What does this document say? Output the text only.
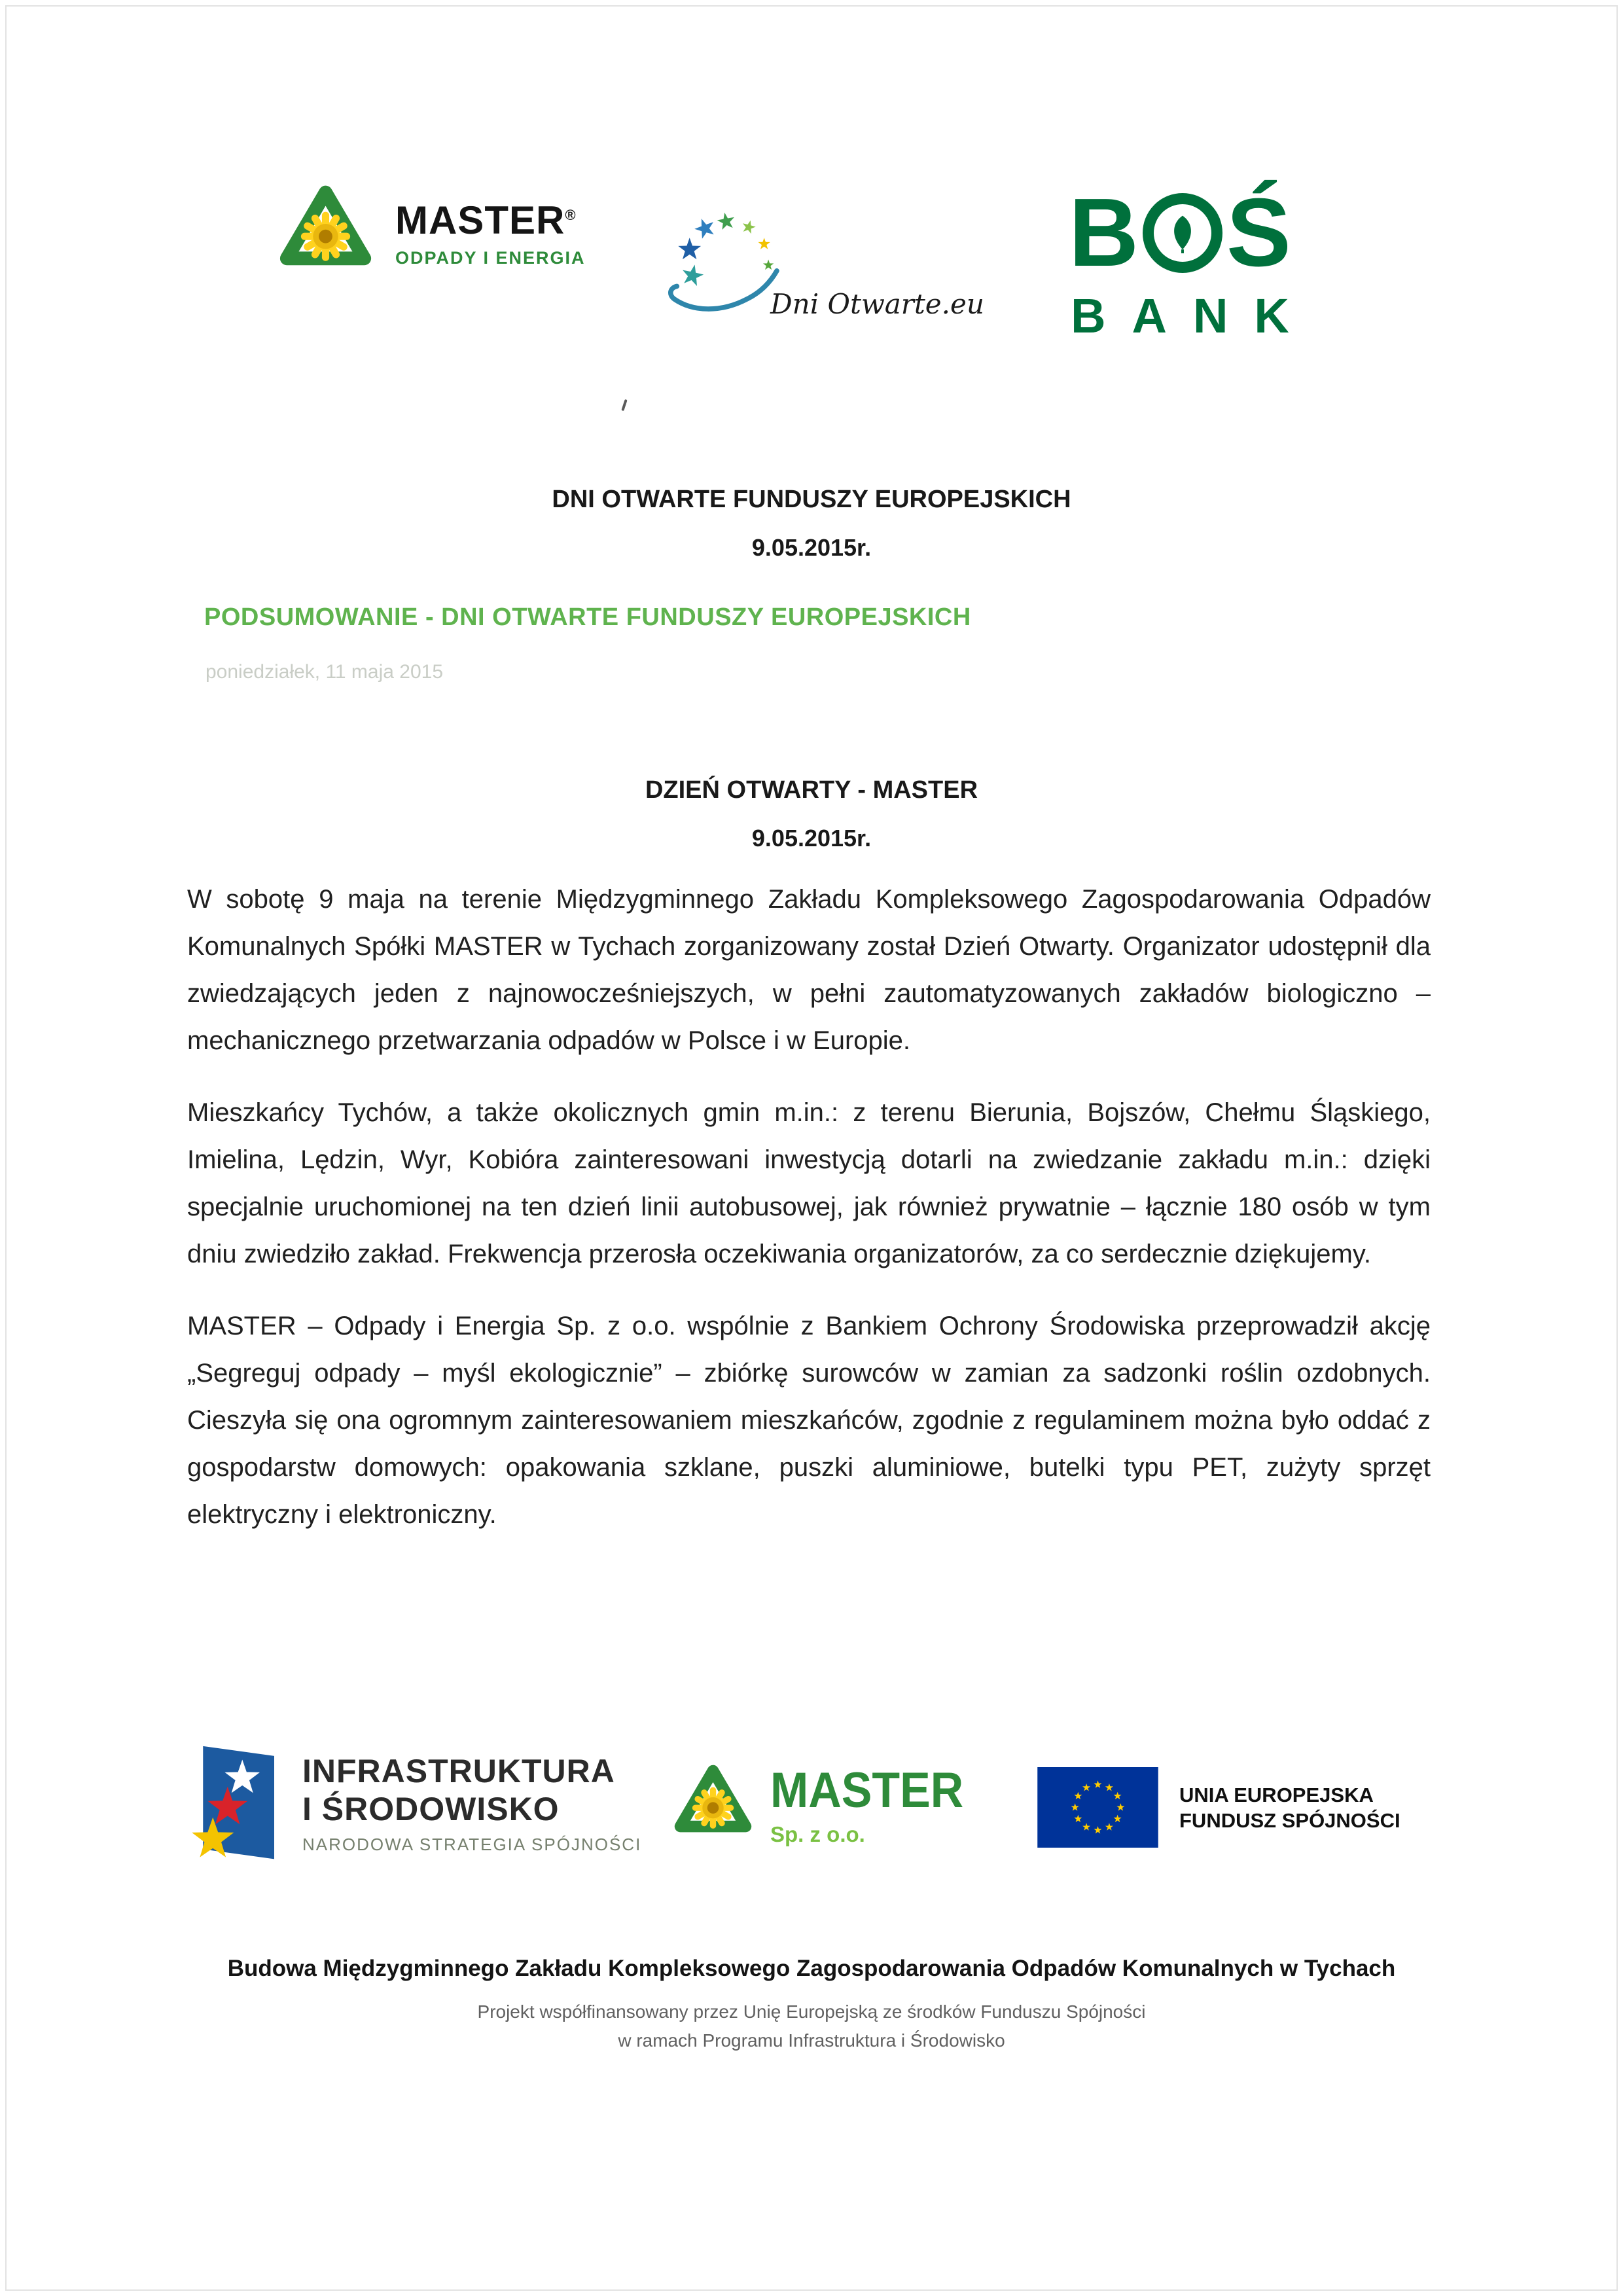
MASTER®
ODPADY I ENERGIA
Dni Otwarte.eu
B Ś
BANK
DNI OTWARTE FUNDUSZY EUROPEJSKICH
9.05.2015r.
PODSUMOWANIE - DNI OTWARTE FUNDUSZY EUROPEJSKICH
poniedziałek, 11 maja 2015
DZIEŃ OTWARTY - MASTER
9.05.2015r.

W sobotę 9 maja na terenie Międzygminnego Zakładu Kompleksowego Zagospodarowania Odpadów Komunalnych Spółki MASTER w Tychach zorganizowany został Dzień Otwarty. Organizator udostępnił dla zwiedzających jeden z najnowocześniejszych, w pełni zautomatyzowanych zakładów biologiczno – mechanicznego przetwarzania odpadów w Polsce i w Europie.

Mieszkańcy Tychów, a także okolicznych gmin m.in.: z terenu Bierunia, Bojszów, Chełmu Śląskiego, Imielina, Lędzin, Wyr, Kobióra zainteresowani inwestycją dotarli na zwiedzanie zakładu m.in.: dzięki specjalnie uruchomionej na ten dzień linii autobusowej, jak również prywatnie – łącznie 180 osób w tym dniu zwiedziło zakład. Frekwencja przerosła oczekiwania organizatorów, za co serdecznie dziękujemy.

MASTER – Odpady i Energia Sp. z o.o. wspólnie z Bankiem Ochrony Środowiska przeprowadził akcję „Segreguj odpady – myśl ekologicznie” – zbiórkę surowców w zamian za sadzonki roślin ozdobnych. Cieszyła się ona ogromnym zainteresowaniem mieszkańców, zgodnie z regulaminem można było oddać z gospodarstw domowych: opakowania szklane, puszki aluminiowe, butelki typu PET, zużyty sprzęt elektryczny i elektroniczny.

INFRASTRUKTURA
I ŚRODOWISKO
NARODOWA STRATEGIA SPÓJNOŚCI
MASTER
Sp. z o.o.
UNIA EUROPEJSKA
FUNDUSZ SPÓJNOŚCI
Budowa Międzygminnego Zakładu Kompleksowego Zagospodarowania Odpadów Komunalnych w Tychach

Projekt współfinansowany przez Unię Europejską ze środków Funduszu Spójności

w ramach Programu Infrastruktura i Środowisko
